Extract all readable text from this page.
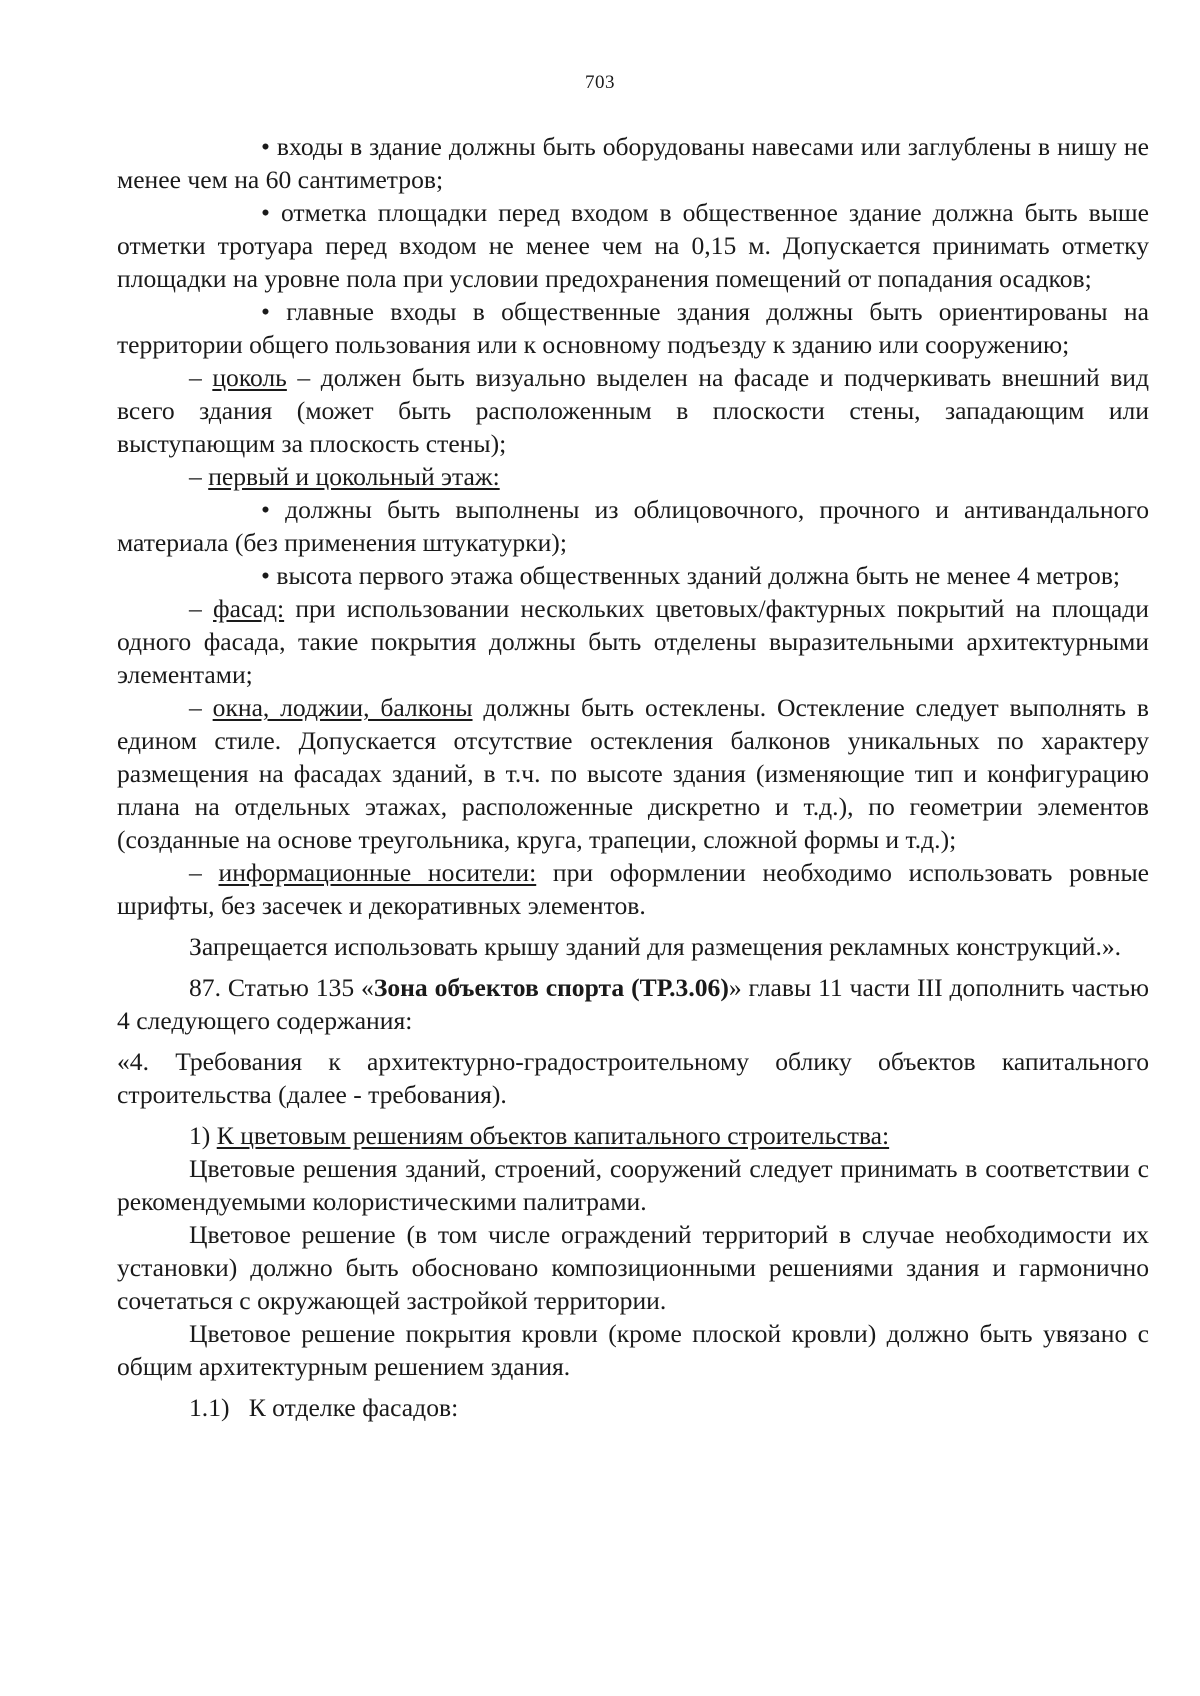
703

• входы в здание должны быть оборудованы навесами или заглублены в нишу не менее чем на 60 сантиметров;

• отметка площадки перед входом в общественное здание должна быть выше отметки тротуара перед входом не менее чем на 0,15 м. Допускается принимать отметку площадки на уровне пола при условии предохранения помещений от попадания осадков;

• главные входы в общественные здания должны быть ориентированы на территории общего пользования или к основному подъезду к зданию или сооружению;

– цоколь – должен быть визуально выделен на фасаде и подчеркивать внешний вид всего здания (может быть расположенным в плоскости стены, западающим или выступающим за плоскость стены);

– первый и цокольный этаж:

• должны быть выполнены из облицовочного, прочного и антивандального материала (без применения штукатурки);

• высота первого этажа общественных зданий должна быть не менее 4 метров;

– фасад: при использовании нескольких цветовых/фактурных покрытий на площади одного фасада, такие покрытия должны быть отделены выразительными архитектурными элементами;

– окна, лоджии, балконы должны быть остеклены. Остекление следует выполнять в едином стиле. Допускается отсутствие остекления балконов уникальных по характеру размещения на фасадах зданий, в т.ч. по высоте здания (изменяющие тип и конфигурацию плана на отдельных этажах, расположенные дискретно и т.д.), по геометрии элементов (созданные на основе треугольника, круга, трапеции, сложной формы и т.д.);

– информационные носители: при оформлении необходимо использовать ровные шрифты, без засечек и декоративных элементов.

Запрещается использовать крышу зданий для размещения рекламных конструкций.».

87. Статью 135 «Зона объектов спорта (ТР.3.06)» главы 11 части III дополнить частью 4 следующего содержания:

«4. Требования к архитектурно-градостроительному облику объектов капитального строительства (далее - требования).

1) К цветовым решениям объектов капитального строительства:

Цветовые решения зданий, строений, сооружений следует принимать в соответствии с рекомендуемыми колористическими палитрами.

Цветовое решение (в том числе ограждений территорий в случае необходимости их установки) должно быть обосновано композиционными решениями здания и гармонично сочетаться с окружающей застройкой территории.

Цветовое решение покрытия кровли (кроме плоской кровли) должно быть увязано с общим архитектурным решением здания.

1.1)   К отделке фасадов:
